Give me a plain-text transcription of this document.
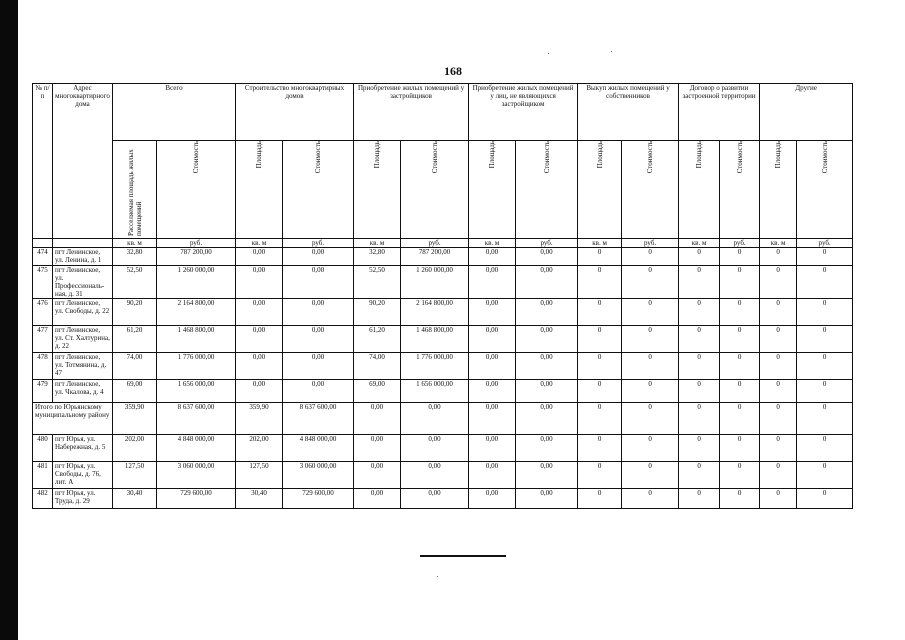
168
№ п/п	Адрес многоквартирного дома	Всего		Строительство многоквартирных домов		Приобретение жилых помещений у застройщиков		Приобретение жилых помещений у лиц, не являющихся застройщиком		Выкуп жилых помещений у собственников		Договор о развитии застроенной территории		Другие	
		Расселяемая площадь жилых помещений	Стоимость	Площадь	Стоимость	Площадь	Стоимость	Площадь	Стоимость	Площадь	Стоимость	Площадь	Стоимость	Площадь	Стоимость
		кв. м	руб.	кв. м	руб.	кв. м	руб.	кв. м	руб.	кв. м	руб.	кв. м	руб.	кв. м	руб.
474	пгт Ленинское, ул. Ленина, д. 1	32,80	787 200,00	0,00	0,00	32,80	787 200,00	0,00	0,00	0	0	0	0	0	0
475	пгт Ленинское, ул. Профессиональ-ная, д. 31	52,50	1 260 000,00	0,00	0,00	52,50	1 260 000,00	0,00	0,00	0	0	0	0	0	0
476	пгт Ленинское, ул. Свободы, д. 22	90,20	2 164 800,00	0,00	0,00	90,20	2 164 800,00	0,00	0,00	0	0	0	0	0	0
477	пгт Ленинское, ул. Ст. Халтурина, д. 22	61,20	1 468 800,00	0,00	0,00	61,20	1 468 800,00	0,00	0,00	0	0	0	0	0	0
478	пгт Ленинское, ул. Тотмянина, д. 47	74,00	1 776 000,00	0,00	0,00	74,00	1 776 000,00	0,00	0,00	0	0	0	0	0	0
479	пгт Ленинское, ул. Чкалова, д. 4	69,00	1 656 000,00	0,00	0,00	69,00	1 656 000,00	0,00	0,00	0	0	0	0	0	0
Итого по Юрьянскому муниципальному району		359,90	8 637 600,00	359,90	8 637 600,00	0,00	0,00	0,00	0,00	0	0	0	0	0	0
480	пгт Юрья, ул. Набережная, д. 5	202,00	4 848 000,00	202,00	4 848 000,00	0,00	0,00	0,00	0,00	0	0	0	0	0	0
481	пгт Юрья, ул. Свободы, д. 76, лит. А	127,50	3 060 000,00	127,50	3 060 000,00	0,00	0,00	0,00	0,00	0	0	0	0	0	0
482	пгт Юрья, ул. Труда, д. 29	30,40	729 600,00	30,40	729 600,00	0,00	0,00	0,00	0,00	0	0	0	0	0	0
